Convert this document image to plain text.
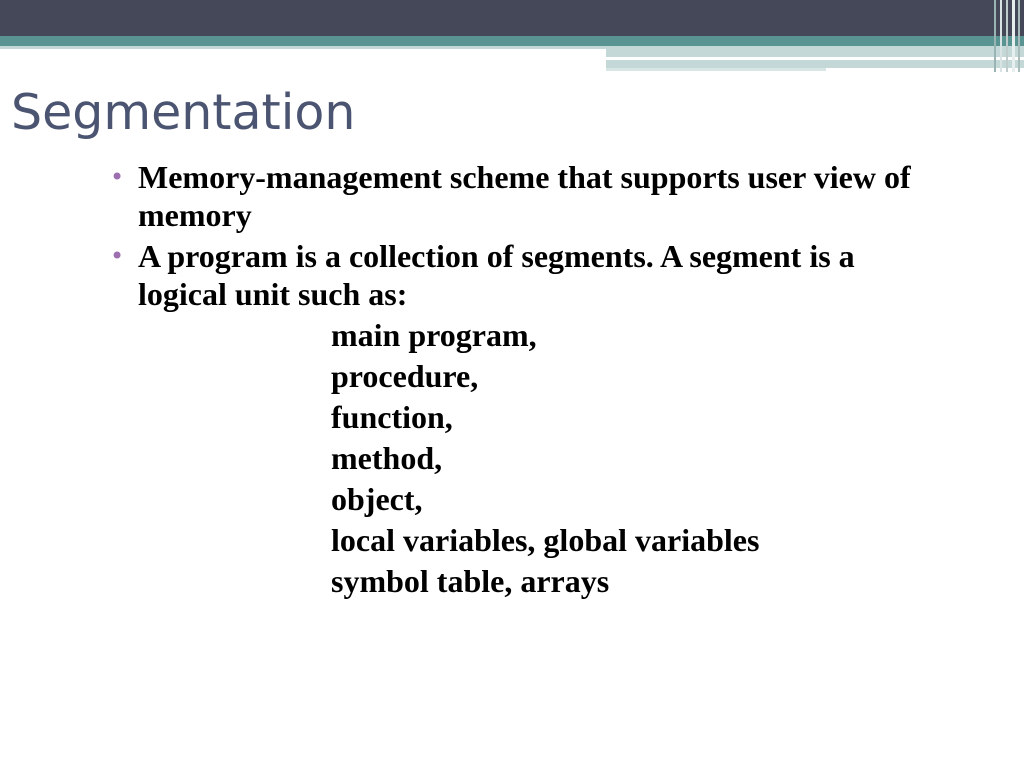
Segmentation
• Memory-management scheme that supports user view of memory
• A program is a collection of segments. A segment is a logical unit such as:
main program,
procedure,
function,
method,
object,
local variables, global variables
symbol table, arrays
